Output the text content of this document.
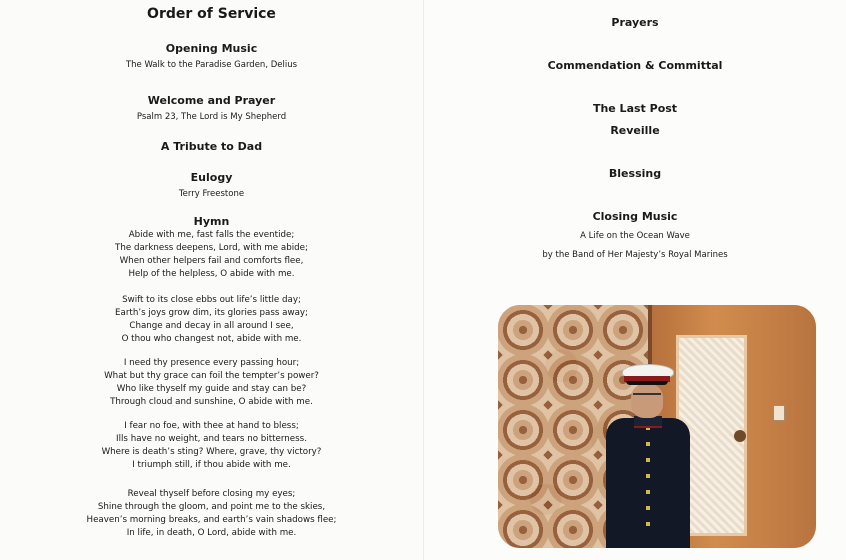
Order of Service
Opening Music
The Walk to the Paradise Garden, Delius
Welcome and Prayer
Psalm 23, The Lord is My Shepherd
A Tribute to Dad
Eulogy
Terry Freestone
Hymn
Abide with me, fast falls the eventide;
The darkness deepens, Lord, with me abide;
When other helpers fail and comforts flee,
Help of the helpless, O abide with me.
Swift to its close ebbs out life’s little day;
Earth’s joys grow dim, its glories pass away;
Change and decay in all around I see,
O thou who changest not, abide with me.
I need thy presence every passing hour;
What but thy grace can foil the tempter’s power?
Who like thyself my guide and stay can be?
Through cloud and sunshine, O abide with me.
I fear no foe, with thee at hand to bless;
Ills have no weight, and tears no bitterness.
Where is death’s sting? Where, grave, thy victory?
I triumph still, if thou abide with me.
Reveal thyself before closing my eyes;
Shine through the gloom, and point me to the skies,
Heaven’s morning breaks, and earth’s vain shadows flee;
In life, in death, O Lord, abide with me.
Prayers
Commendation & Committal
The Last Post
Reveille
Blessing
Closing Music
A Life on the Ocean Wave
by the Band of Her Majesty’s Royal Marines
